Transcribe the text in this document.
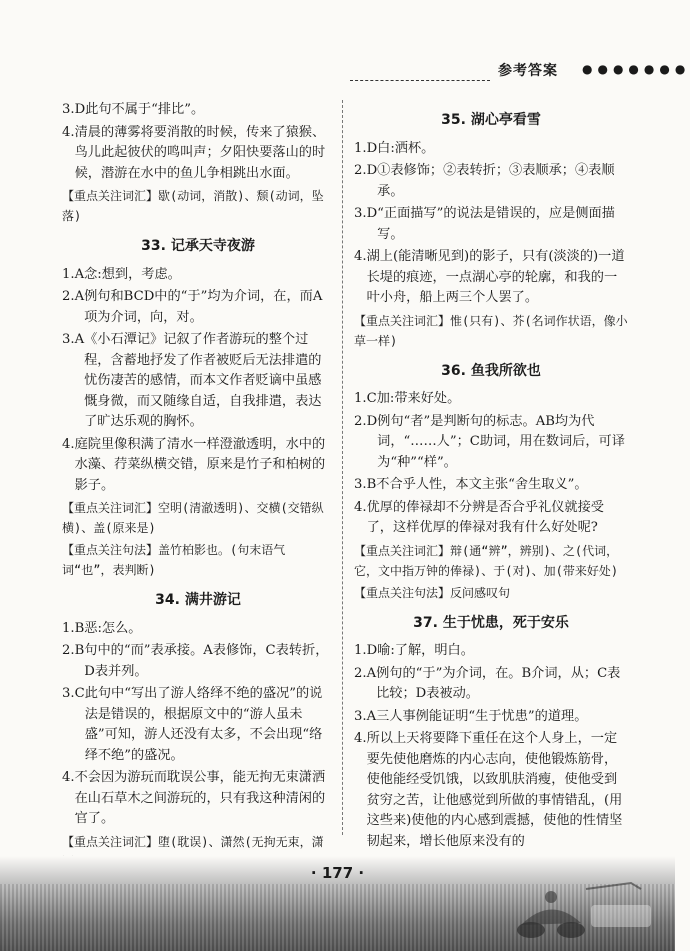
参考答案 ●●●●●●●
3.D 此句不属于“排比”。
4. 清晨的薄雾将要消散的时候，传来了猿猴、鸟儿此起彼伏的鸣叫声；夕阳快要落山的时候，潜游在水中的鱼儿争相跳出水面。
【重点关注词汇】歇(动词，消散)、颓(动词，坠落)
33. 记承天寺夜游
1.A 念:想到，考虑。
2.A 例句和BCD中的“于”均为介词，在，而A项为介词，向，对。
3.A 《小石潭记》记叙了作者游玩的整个过程，含蓄地抒发了作者被贬后无法排遣的忧伤凄苦的感情，而本文作者贬谪中虽感慨身微，而又随缘自适，自我排遣，表达了旷达乐观的胸怀。
4. 庭院里像积满了清水一样澄澈透明，水中的水藻、荇菜纵横交错，原来是竹子和柏树的影子。
【重点关注词汇】空明(清澈透明)、交横(交错纵横)、盖(原来是)
【重点关注句法】盖竹柏影也。(句末语气词“也”，表判断)
34. 满井游记
1.B 恶:怎么。
2.B 句中的“而”表承接。A表修饰，C表转折，D表并列。
3.C 此句中“写出了游人络绎不绝的盛况”的说法是错误的，根据原文中的“游人虽未盛”可知，游人还没有太多，不会出现“络绎不绝”的盛况。
4. 不会因为游玩而耽误公事，能无拘无束潇洒在山石草木之间游玩的，只有我这种清闲的官了。
【重点关注词汇】堕(耽误)、潇然(无拘无束，潇
35. 湖心亭看雪
1.D 白:洒杯。
2.D ①表修饰；②表转折；③表顺承；④表顺承。
3.D “正面描写”的说法是错误的，应是侧面描写。
4. 湖上(能清晰见到)的影子，只有(淡淡的)一道长堤的痕迹，一点湖心亭的轮廓，和我的一叶小舟，船上两三个人罢了。
【重点关注词汇】惟(只有)、芥(名词作状语，像小草一样)
36. 鱼我所欲也
1.C 加:带来好处。
2.D 例句“者”是判断句的标志。AB均为代词，“……人”；C助词，用在数词后，可译为“种”“样”。
3.B 不合乎人性，本文主张“舍生取义”。
4. 优厚的俸禄却不分辨是否合乎礼仪就接受了，这样优厚的俸禄对我有什么好处呢?
【重点关注词汇】辩(通“辨”，辨别)、之(代词，它，文中指万钟的俸禄)、于(对)、加(带来好处)
【重点关注句法】反问感叹句
37. 生于忧患，死于安乐
1.D 喻:了解，明白。
2.A 例句的“于”为介词，在。B介词，从；C表比较；D表被动。
3.A 三人事例能证明“生于忧患”的道理。
4. 所以上天将要降下重任在这个人身上，一定要先使他磨炼的内心志向，使他锻炼筋骨，使他能经受饥饿，以致肌肤消瘦，使他受到贫穷之苦，让他感觉到所做的事情错乱，(用这些来)使他的内心感到震撼，使他的性情坚韧起来，增长他原来没有的
· 177 ·
